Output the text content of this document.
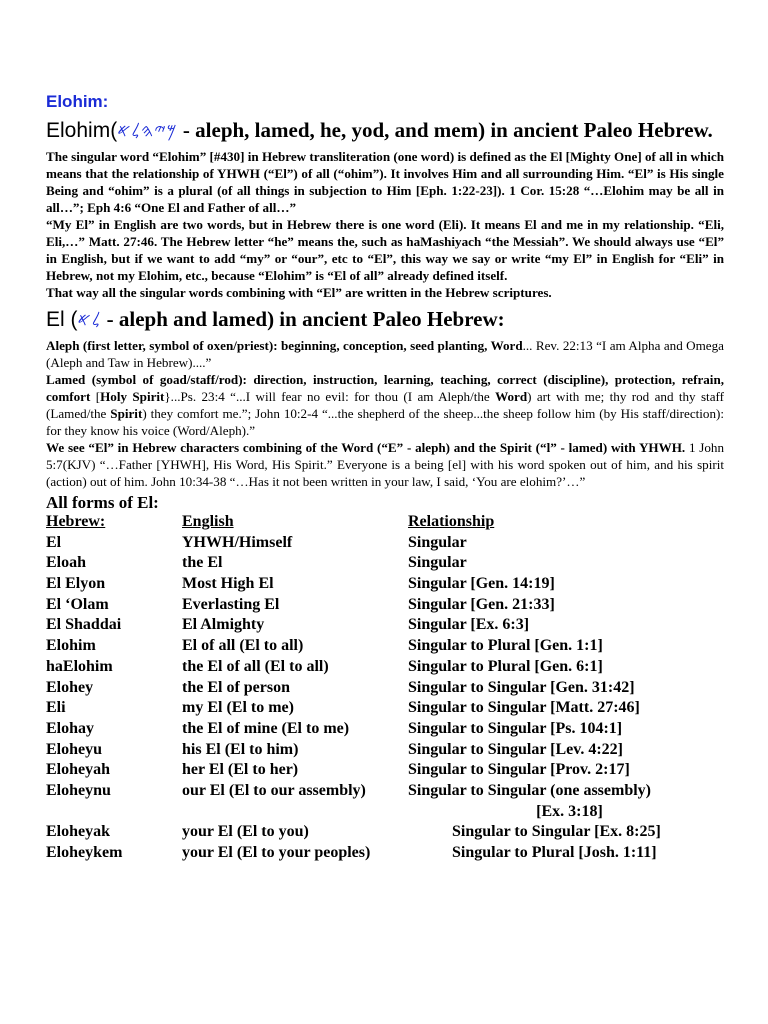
Elohim:
Elohim(𐤌𐤉𐤄𐤋𐤀 - aleph, lamed, he, yod, and mem) in ancient Paleo Hebrew.

The singular word “Elohim” [#430] in Hebrew transliteration (one word) is defined as the El [Mighty One] of all in which means that the relationship of YHWH (“El”) of all (“ohim”). It involves Him and all surrounding Him. “El” is His single Being and “ohim” is a plural (of all things in subjection to Him [Eph. 1:22-23]). 1 Cor. 15:28 “…Elohim may be all in all…”; Eph 4:6 “One El and Father of all…”

“My El” in English are two words, but in Hebrew there is one word (Eli). It means El and me in my relationship. “Eli, Eli,…” Matt. 27:46. The Hebrew letter “he” means the, such as haMashiyach “the Messiah”. We should always use “El” in English, but if we want to add “my” or “our”, etc to “El”, this way we say or write “my El” in English for “Eli” in Hebrew, not my Elohim, etc., because “Elohim” is “El of all” already defined itself.

That way all the singular words combining with “El” are written in the Hebrew scriptures.

El (𐤋𐤀 - aleph and lamed) in ancient Paleo Hebrew:

Aleph (first letter, symbol of oxen/priest): beginning, conception, seed planting, Word... Rev. 22:13 “I am Alpha and Omega (Aleph and Taw in Hebrew)....”

Lamed (symbol of goad/staff/rod): direction, instruction, learning, teaching, correct (discipline), protection, refrain, comfort [Holy Spirit}...Ps. 23:4 “...I will fear no evil: for thou (I am Aleph/the Word) art with me; thy rod and thy staff (Lamed/the Spirit) they comfort me.”; John 10:2-4 “...the shepherd of the sheep...the sheep follow him (by His staff/direction): for they know his voice (Word/Aleph).”

We see “El” in Hebrew characters combining of the Word (“E” - aleph) and the Spirit (“l” - lamed) with YHWH. 1 John 5:7(KJV) “…Father [YHWH], His Word, His Spirit.” Everyone is a being [el] with his word spoken out of him, and his spirit (action) out of him. John 10:34-38 “…Has it not been written in your law, I said, ‘You are elohim?’…”

All forms of El:
Hebrew:	English	Relationship
El	YHWH/Himself	Singular
Eloah	the El	Singular
El Elyon	Most High El	Singular [Gen. 14:19]
El ‘Olam	Everlasting El	Singular [Gen. 21:33]
El Shaddai	El Almighty	Singular [Ex. 6:3]
Elohim	El of all (El to all)	Singular to Plural [Gen. 1:1]
haElohim	the El of all (El to all)	Singular to Plural [Gen. 6:1]
Elohey	the El of person	Singular to Singular [Gen. 31:42]
Eli	my El (El to me)	Singular to Singular [Matt. 27:46]
Elohay	the El of mine (El to me)	Singular to Singular [Ps. 104:1]
Eloheyu	his El (El to him)	Singular to Singular [Lev. 4:22]
Eloheyah	her El (El to her)	Singular to Singular [Prov. 2:17]
Eloheynu	our El (El to our assembly)	Singular to Singular (one assembly)
		[Ex. 3:18]
Eloheyak	your El (El to you)	Singular to Singular [Ex. 8:25]
Eloheykem	your El (El to your peoples)	Singular to Plural [Josh. 1:11]
